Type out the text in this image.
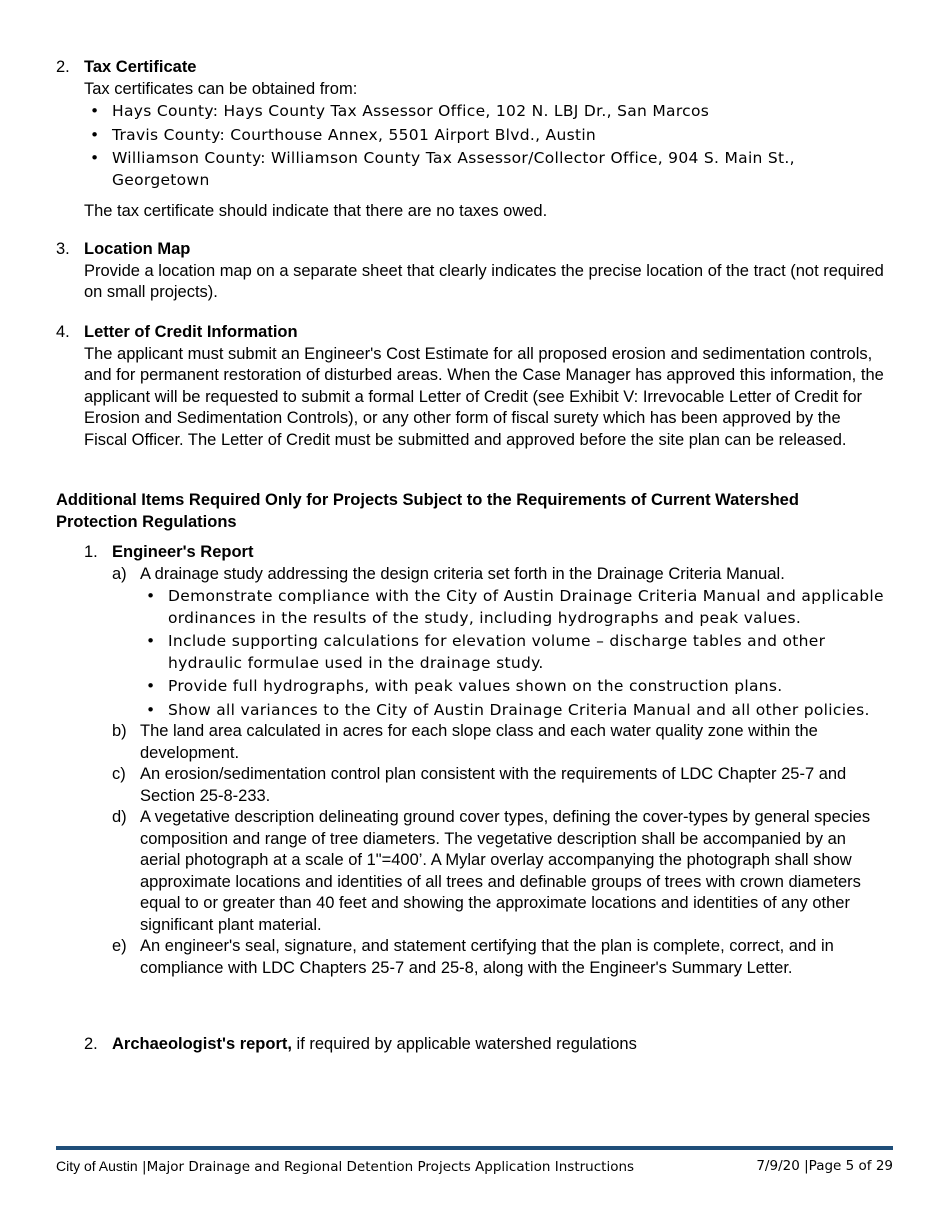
2. Tax Certificate
Tax certificates can be obtained from:
• Hays County: Hays County Tax Assessor Office, 102 N. LBJ Dr., San Marcos
• Travis County: Courthouse Annex, 5501 Airport Blvd., Austin
• Williamson County: Williamson County Tax Assessor/Collector Office, 904 S. Main St., Georgetown
The tax certificate should indicate that there are no taxes owed.
3. Location Map
Provide a location map on a separate sheet that clearly indicates the precise location of the tract (not required on small projects).
4. Letter of Credit Information
The applicant must submit an Engineer's Cost Estimate for all proposed erosion and sedimentation controls, and for permanent restoration of disturbed areas. When the Case Manager has approved this information, the applicant will be requested to submit a formal Letter of Credit (see Exhibit V: Irrevocable Letter of Credit for Erosion and Sedimentation Controls), or any other form of fiscal surety which has been approved by the Fiscal Officer. The Letter of Credit must be submitted and approved before the site plan can be released.
Additional Items Required Only for Projects Subject to the Requirements of Current Watershed Protection Regulations
1. Engineer's Report
a) A drainage study addressing the design criteria set forth in the Drainage Criteria Manual.
• Demonstrate compliance with the City of Austin Drainage Criteria Manual and applicable ordinances in the results of the study, including hydrographs and peak values.
• Include supporting calculations for elevation volume – discharge tables and other hydraulic formulae used in the drainage study.
• Provide full hydrographs, with peak values shown on the construction plans.
• Show all variances to the City of Austin Drainage Criteria Manual and all other policies.
b) The land area calculated in acres for each slope class and each water quality zone within the development.
c) An erosion/sedimentation control plan consistent with the requirements of LDC Chapter 25-7 and Section 25-8-233.
d) A vegetative description delineating ground cover types, defining the cover-types by general species composition and range of tree diameters. The vegetative description shall be accompanied by an aerial photograph at a scale of 1"=400’. A Mylar overlay accompanying the photograph shall show approximate locations and identities of all trees and definable groups of trees with crown diameters equal to or greater than 40 feet and showing the approximate locations and identities of any other significant plant material.
e) An engineer's seal, signature, and statement certifying that the plan is complete, correct, and in compliance with LDC Chapters 25-7 and 25-8, along with the Engineer's Summary Letter.
2. Archaeologist's report, if required by applicable watershed regulations
City of Austin |Major Drainage and Regional Detention Projects Application Instructions	7/9/20 |Page 5 of 29
